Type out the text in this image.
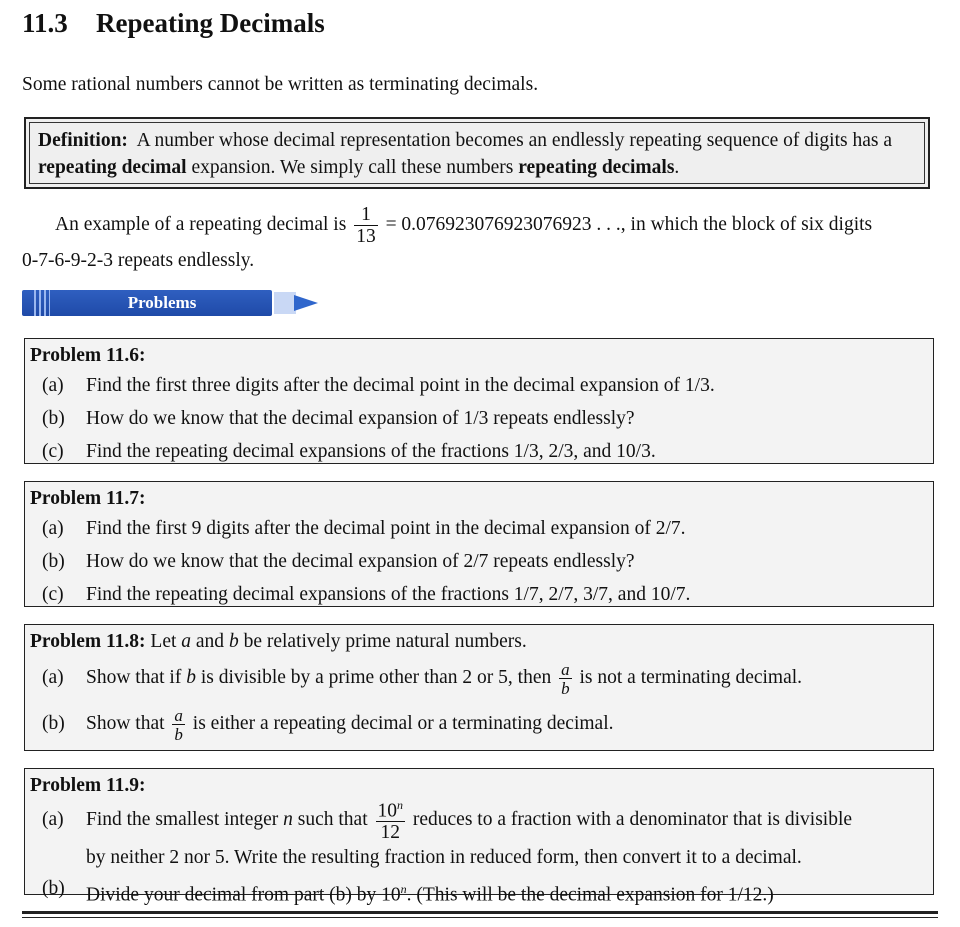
11.3 Repeating Decimals
Some rational numbers cannot be written as terminating decimals.
Definition: A number whose decimal representation becomes an endlessly repeating sequence of digits has a repeating decimal expansion. We simply call these numbers repeating decimals.
An example of a repeating decimal is $\frac{1}{13} = 0.076923076923076923$ . . ., in which the block of six digits
0-7-6-9-2-3 repeats endlessly.
Problems
Problem 11.6:
(a) Find the first three digits after the decimal point in the decimal expansion of 1/3.
(b) How do we know that the decimal expansion of 1/3 repeats endlessly?
(c) Find the repeating decimal expansions of the fractions 1/3, 2/3, and 10/3.
Problem 11.7:
(a) Find the first 9 digits after the decimal point in the decimal expansion of 2/7.
(b) How do we know that the decimal expansion of 2/7 repeats endlessly?
(c) Find the repeating decimal expansions of the fractions 1/7, 2/7, 3/7, and 10/7.
Problem 11.8: Let a and b be relatively prime natural numbers.
(a) Show that if b is divisible by a prime other than 2 or 5, then $\frac{a}{b}$ is not a terminating decimal.
(b) Show that $\frac{a}{b}$ is either a repeating decimal or a terminating decimal.
Problem 11.9:
(a) Find the smallest integer n such that $\frac{10^n}{12}$ reduces to a fraction with a denominator that is divisible
by neither 2 nor 5. Write the resulting fraction in reduced form, then convert it to a decimal.
(b) Divide your decimal from part (b) by 10$^n$. (This will be the decimal expansion for 1/12.)
